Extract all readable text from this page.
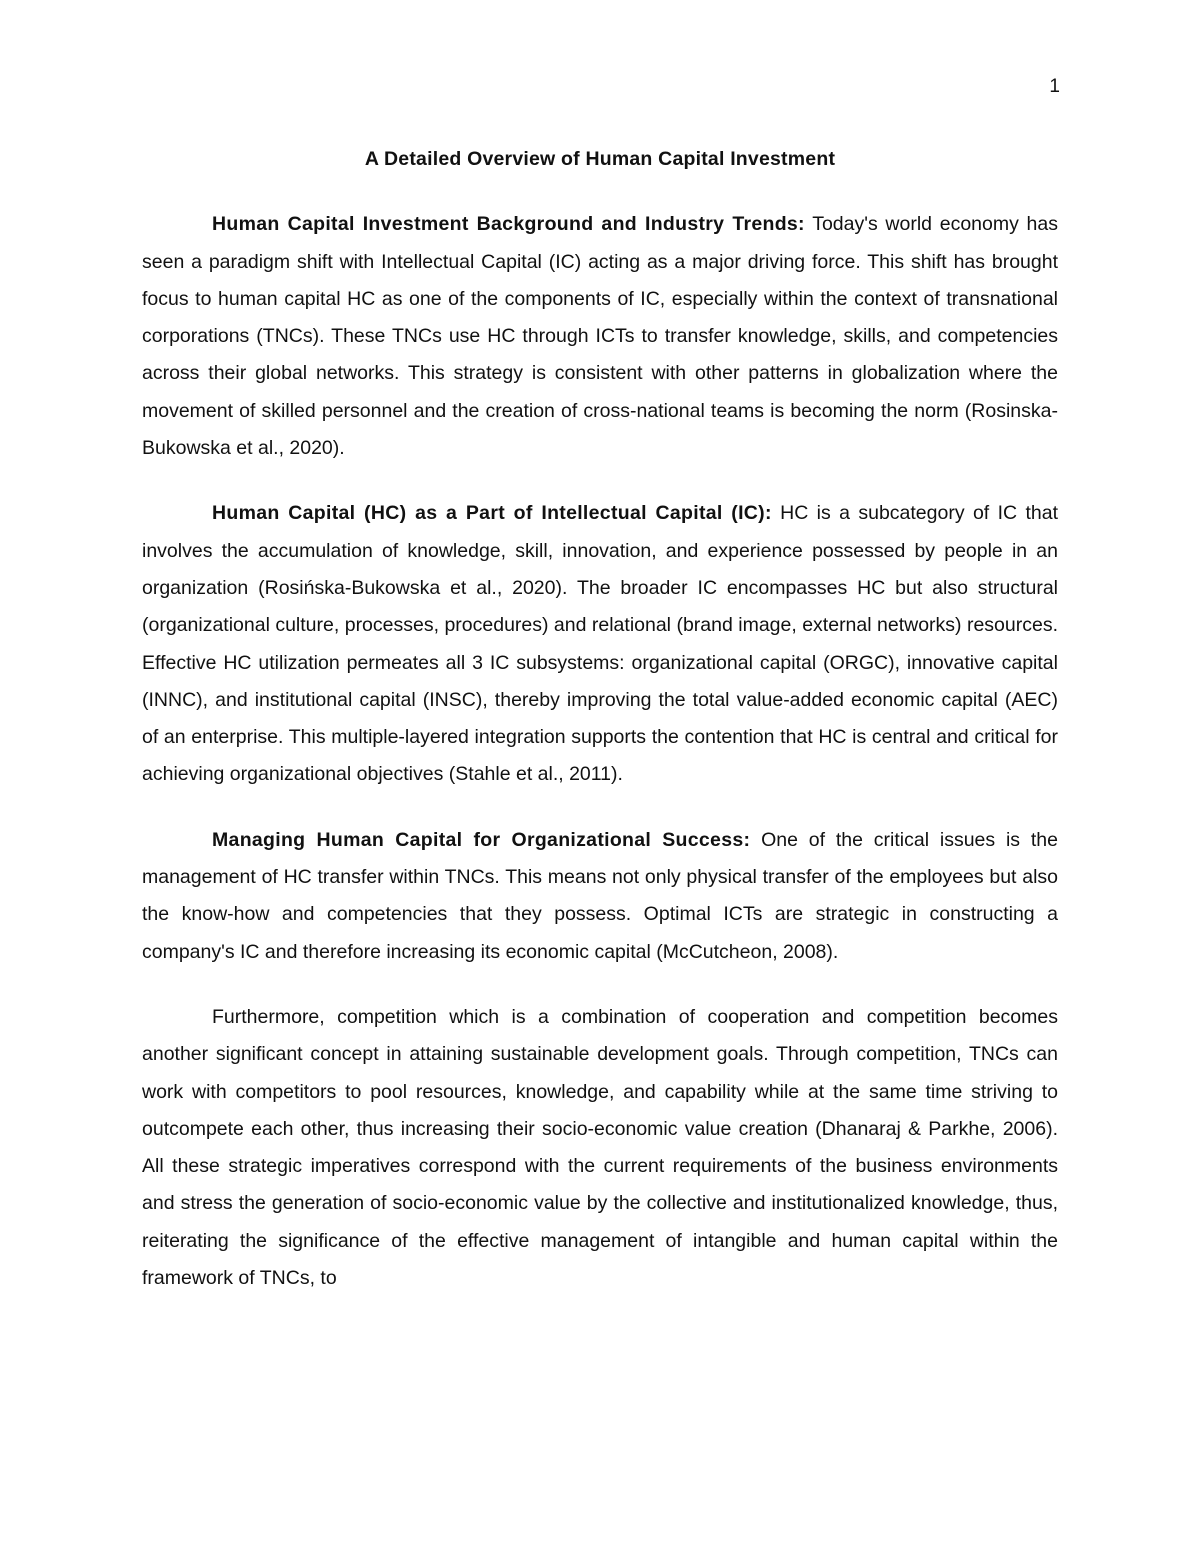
1
A Detailed Overview of Human Capital Investment

Human Capital Investment Background and Industry Trends: Today's world economy has seen a paradigm shift with Intellectual Capital (IC) acting as a major driving force. This shift has brought focus to human capital HC as one of the components of IC, especially within the context of transnational corporations (TNCs). These TNCs use HC through ICTs to transfer knowledge, skills, and competencies across their global networks. This strategy is consistent with other patterns in globalization where the movement of skilled personnel and the creation of cross-national teams is becoming the norm (Rosinska-Bukowska et al., 2020).

Human Capital (HC) as a Part of Intellectual Capital (IC): HC is a subcategory of IC that involves the accumulation of knowledge, skill, innovation, and experience possessed by people in an organization (Rosińska-Bukowska et al., 2020). The broader IC encompasses HC but also structural (organizational culture, processes, procedures) and relational (brand image, external networks) resources. Effective HC utilization permeates all 3 IC subsystems: organizational capital (ORGC), innovative capital (INNC), and institutional capital (INSC), thereby improving the total value-added economic capital (AEC) of an enterprise. This multiple-layered integration supports the contention that HC is central and critical for achieving organizational objectives (Stahle et al., 2011).

Managing Human Capital for Organizational Success: One of the critical issues is the management of HC transfer within TNCs. This means not only physical transfer of the employees but also the know-how and competencies that they possess. Optimal ICTs are strategic in constructing a company's IC and therefore increasing its economic capital (McCutcheon, 2008).

Furthermore, competition which is a combination of cooperation and competition becomes another significant concept in attaining sustainable development goals. Through competition, TNCs can work with competitors to pool resources, knowledge, and capability while at the same time striving to outcompete each other, thus increasing their socio-economic value creation (Dhanaraj & Parkhe, 2006). All these strategic imperatives correspond with the current requirements of the business environments and stress the generation of socio-economic value by the collective and institutionalized knowledge, thus, reiterating the significance of the effective management of intangible and human capital within the framework of TNCs, to
